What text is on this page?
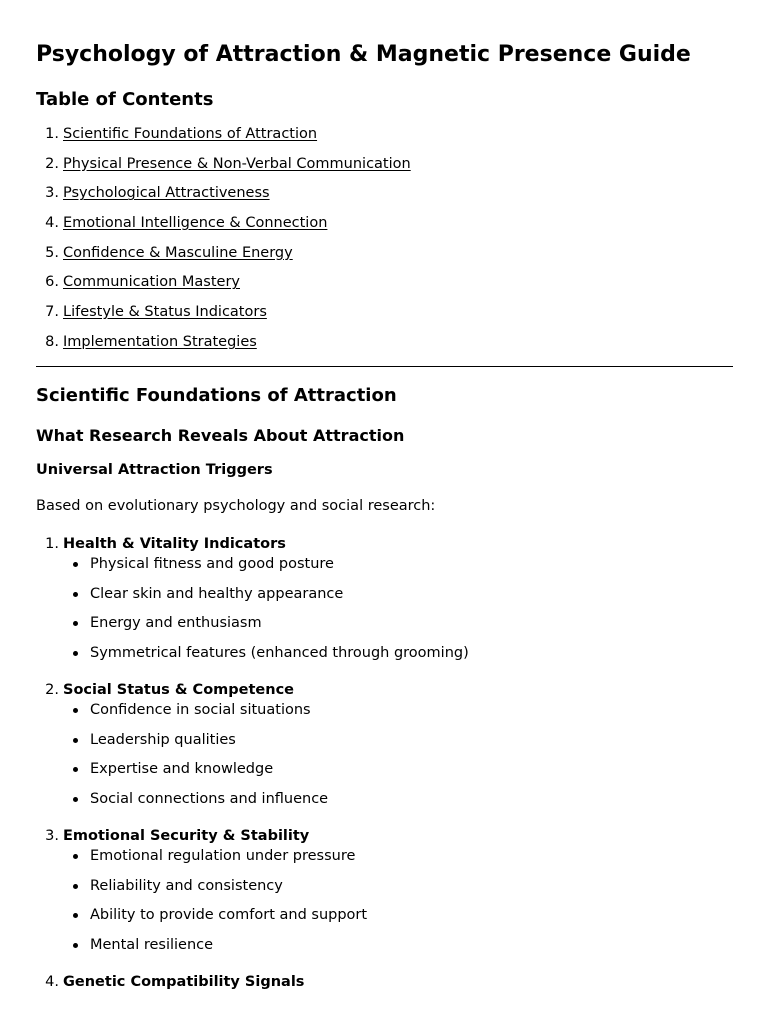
Psychology of Attraction & Magnetic Presence Guide
Table of Contents
1. Scientific Foundations of Attraction
2. Physical Presence & Non-Verbal Communication
3. Psychological Attractiveness
4. Emotional Intelligence & Connection
5. Confidence & Masculine Energy
6. Communication Mastery
7. Lifestyle & Status Indicators
8. Implementation Strategies
Scientific Foundations of Attraction
What Research Reveals About Attraction
Universal Attraction Triggers

Based on evolutionary psychology and social research:

1. Health & Vitality Indicators
Physical fitness and good posture
Clear skin and healthy appearance
Energy and enthusiasm
Symmetrical features (enhanced through grooming)
2. Social Status & Competence
Confidence in social situations
Leadership qualities
Expertise and knowledge
Social connections and influence
3. Emotional Security & Stability
Emotional regulation under pressure
Reliability and consistency
Ability to provide comfort and support
Mental resilience
4. Genetic Compatibility Signals
